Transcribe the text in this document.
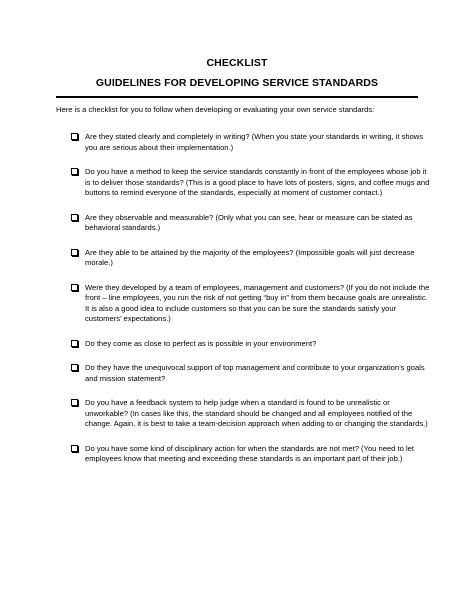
CHECKLIST
GUIDELINES FOR DEVELOPING SERVICE STANDARDS

Here is a checklist for you to follow when developing or evaluating your own service standards:

Are they stated clearly and completely in writing? (When you state your standards in writing, it shows you are serious about their implementation.)
Do you have a method to keep the service standards constantly in front of the employees whose job it is to deliver those standards? (This is a good place to have lots of posters, signs, and coffee mugs and buttons to remind everyone of the standards, especially at moment of customer contact.)
Are they observable and measurable? (Only what you can see, hear or measure can be stated as behavioral standards.)
Are they able to be attained by the majority of the employees? (Impossible goals will just decrease morale.)
Were they developed by a team of employees, management and customers? (If you do not include the front – line employees, you run the risk of not getting “buy in” from them because goals are unrealistic. It is also a good idea to include customers so that you can be sure the standards satisfy your customers’ expectations.)
Do they come as close to perfect as is possible in your environment?
Do they have the unequivocal support of top management and contribute to your organization’s goals and mission statement?
Do you have a feedback system to help judge when a standard is found to be unrealistic or unworkable? (In cases like this, the standard should be changed and all employees notified of the change. Again, it is best to take a team-decision approach when adding to or changing the standards.)
Do you have some kind of disciplinary action for when the standards are not met? (You need to let employees know that meeting and exceeding these standards is an important part of their job.)
